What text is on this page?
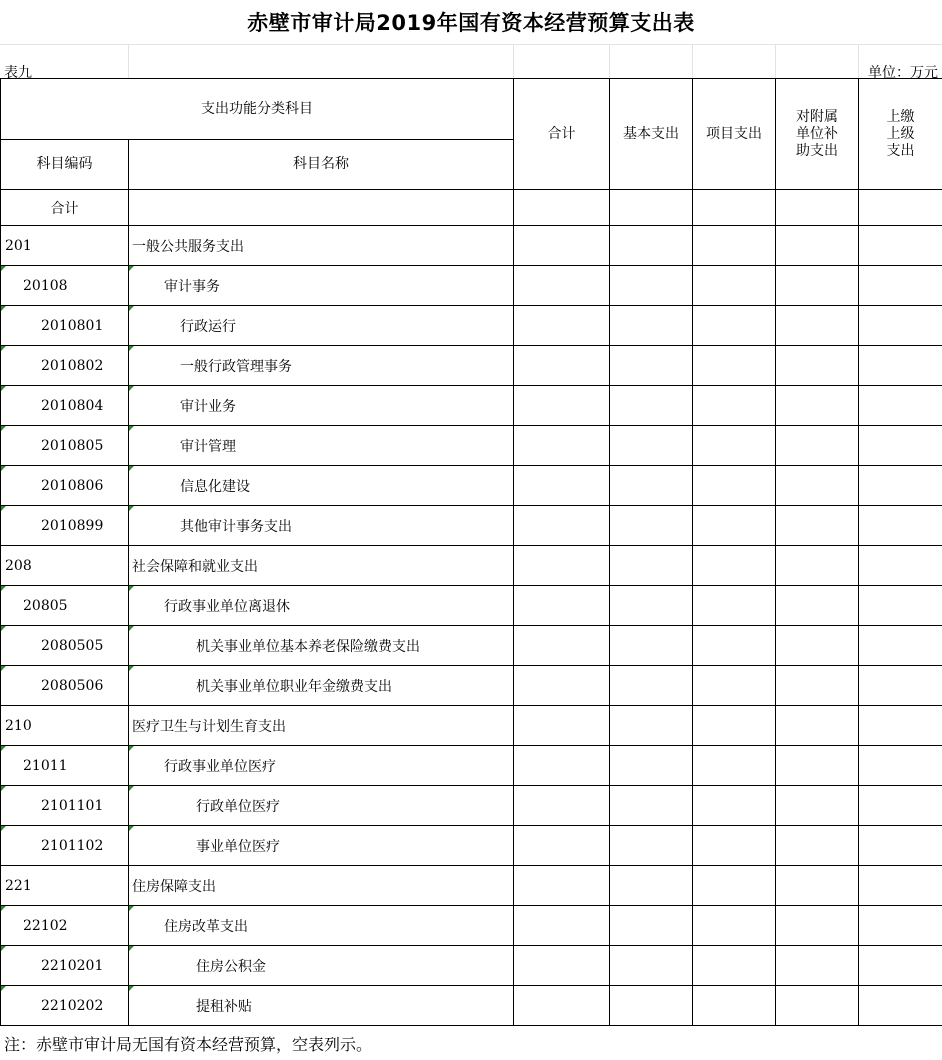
赤壁市审计局2019年国有资本经营预算支出表
表九	单位：万元
支出功能分类科目		合计	基本支出	项目支出	对附属单位补助支出	上缴上级支出

科目编码	科目名称					
合计						
201	一般公共服务支出					
20108	审计事务					
2010801	行政运行					
2010802	一般行政管理事务					
2010804	审计业务					
2010805	审计管理					
2010806	信息化建设					
2010899	其他审计事务支出					
208	社会保障和就业支出					
20805	行政事业单位离退休					
2080505	机关事业单位基本养老保险缴费支出					
2080506	机关事业单位职业年金缴费支出					
210	医疗卫生与计划生育支出					
21011	行政事业单位医疗					
2101101	行政单位医疗					
2101102	事业单位医疗					
221	住房保障支出					
22102	住房改革支出					
2210201	住房公积金					
2210202	提租补贴					
注：赤壁市审计局无国有资本经营预算，空表列示。
